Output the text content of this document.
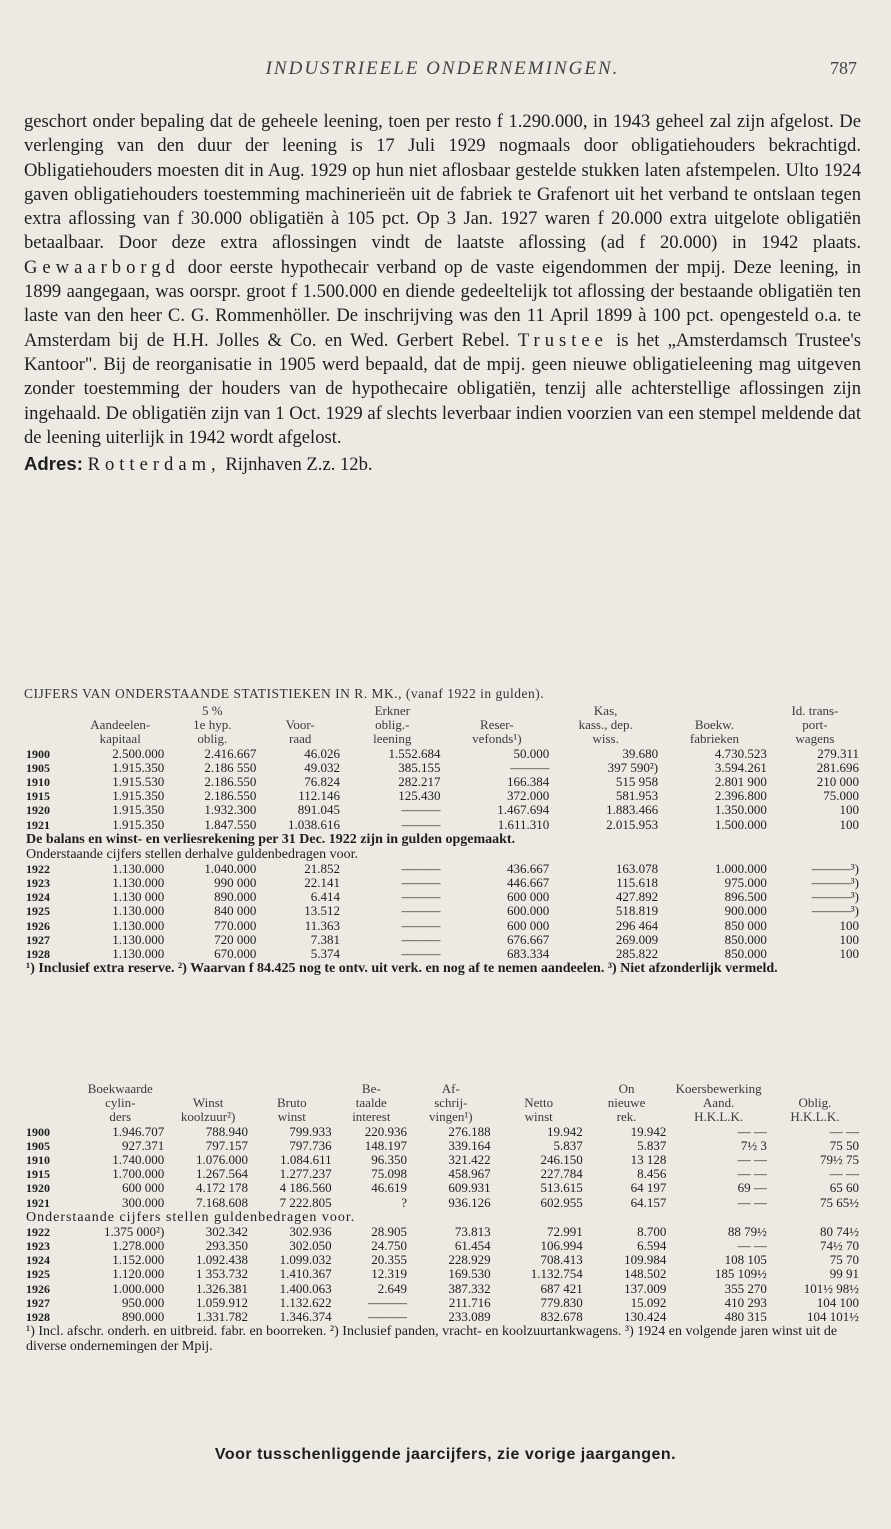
INDUSTRIEELE ONDERNEMINGEN.	787

geschort onder bepaling dat de geheele leening, toen per resto f 1.290.000, in 1943 geheel zal zijn afgelost. De verlenging van den duur der leening is 17 Juli 1929 nogmaals door obligatiehouders bekrachtigd. Obligatiehouders moesten dit in Aug. 1929 op hun niet aflosbaar gestelde stukken laten afstempelen. Ulto 1924 gaven obligatiehouders toestemming machinerieën uit de fabriek te Grafenort uit het verband te ontslaan tegen extra aflossing van f 30.000 obligatiën à 105 pct. Op 3 Jan. 1927 waren f 20.000 extra uitgelote obligatiën betaalbaar. Door deze extra aflossingen vindt de laatste aflossing (ad f 20.000) in 1942 plaats. Gewaarborgd door eerste hypothecair verband op de vaste eigendommen der mpij. Deze leening, in 1899 aangegaan, was oorspr. groot f 1.500.000 en diende gedeeltelijk tot aflossing der bestaande obligatiën ten laste van den heer C. G. Rommenhöller. De inschrijving was den 11 April 1899 à 100 pct. opengesteld o.a. te Amsterdam bij de H.H. Jolles & Co. en Wed. Gerbert Rebel. Trustee is het „Amsterdamsch Trustee's Kantoor". Bij de reorganisatie in 1905 werd bepaald, dat de mpij. geen nieuwe obligatieleening mag uitgeven zonder toestemming der houders van de hypothecaire obligatiën, tenzij alle achterstellige aflossingen zijn ingehaald. De obligatiën zijn van 1 Oct. 1929 af slechts leverbaar indien voorzien van een stempel meldende dat de leening uiterlijk in 1942 wordt afgelost.

Adres: Rotterdam, Rijnhaven Z.z. 12b.

CIJFERS VAN ONDERSTAANDE STATISTIEKEN IN R. MK., (vanaf 1922 in gulden).

		5 %		Erkner		Kas,		Id. trans-
	Aandeelen-	1e hyp.	Voor-	oblig.-	Reser-	kass., dep.	Boekw.	port-
	kapitaal	oblig.	raad	leening	vefonds¹)	wiss.	fabrieken	wagens
1900	2.500.000	2.416.667	46.026	1.552.684	50.000	39.680	4.730.523	279.311
1905	1.915.350	2.186 550	49.032	385.155	———	397 590²)	3.594.261	281.696
1910	1.915.530	2.186.550	76.824	282.217	166.384	515 958	2.801 900	210 000
1915	1.915.350	2.186.550	112.146	125.430	372.000	581.953	2.396.800	75.000
1920	1.915.350	1.932.300	891.045	———	1.467.694	1.883.466	1.350.000	100
1921	1.915.350	1.847.550	1.038.616	———	1.611.310	2.015.953	1.500.000	100

De balans en winst- en verliesrekening per 31 Dec. 1922 zijn in gulden opgemaakt.

Onderstaande cijfers stellen derhalve guldenbedragen voor.								

1922	1.130.000	1.040.000	21.852	———	436.667	163.078	1.000.000	———³)
1923	1.130.000	990 000	22.141	———	446.667	115.618	975.000	———³)
1924	1.130 000	890.000	6.414	———	600 000	427.892	896.500	———³)
1925	1.130.000	840 000	13.512	———	600.000	518.819	900.000	———³)
1926	1.130.000	770.000	11.363	———	600 000	296 464	850 000	100
1927	1.130.000	720 000	7.381	———	676.667	269.009	850.000	100
1928	1.130.000	670.000	5.374	———	683.334	285.822	850.000	100

¹) Inclusief extra reserve. ²) Waarvan f 84.425 nog te ontv. uit verk. en nog af te nemen aandeelen. ³) Niet afzonderlijk vermeld.								

	Boekwaarde			Be-	Af-		On	Koersbewerking	
	cylin-	Winst	Bruto	taalde	schrij-	Netto	nieuwe	Aand.	Oblig.
	ders	koolzuur²)	winst	interest	vingen¹)	winst	rek.	H.K.L.K.	H.K.L.K.
1900	1.946.707	788.940	799.933	220.936	276.188	19.942	19.942	— —	— —
1905	927.371	797.157	797.736	148.197	339.164	5.837	5.837	7½ 3	75 50
1910	1.740.000	1.076.000	1.084.611	96.350	321.422	246.150	13 128	— —	79½ 75
1915	1.700.000	1.267.564	1.277.237	75.098	458.967	227.784	8.456	— —	— —
1920	600 000	4.172 178	4 186.560	46.619	609.931	513.615	64 197	69 —	65 60
1921	300.000	7.168.608	7 222.805	?	936.126	602.955	64.157	— —	75 65½

Onderstaande cijfers stellen guldenbedragen voor.									

1922	1.375 000²)	302.342	302.936	28.905	73.813	72.991	8.700	88 79½	80 74½
1923	1.278.000	293.350	302.050	24.750	61.454	106.994	6.594	— —	74½ 70
1924	1.152.000	1.092.438	1.099.032	20.355	228.929	708.413	109.984	108 105	75 70
1925	1.120.000	1 353.732	1.410.367	12.319	169.530	1.132.754	148.502	185 109½	99 91
1926	1.000.000	1.326.381	1.400.063	2.649	387.332	687 421	137.009	355 270	101½ 98½
1927	950.000	1.059.912	1.132.622	———	211.716	779.830	15.092	410 293	104 100
1928	890.000	1.331.782	1.346.374	———	233.089	832.678	130.424	480 315	104 101½

¹) Incl. afschr. onderh. en uitbreid. fabr. en boorreken. ²) Inclusief panden, vracht- en koolzuurtankwagens. ³) 1924 en volgende jaren winst uit de diverse ondernemingen der Mpij.									

Voor tusschenliggende jaarcijfers, zie vorige jaargangen.
